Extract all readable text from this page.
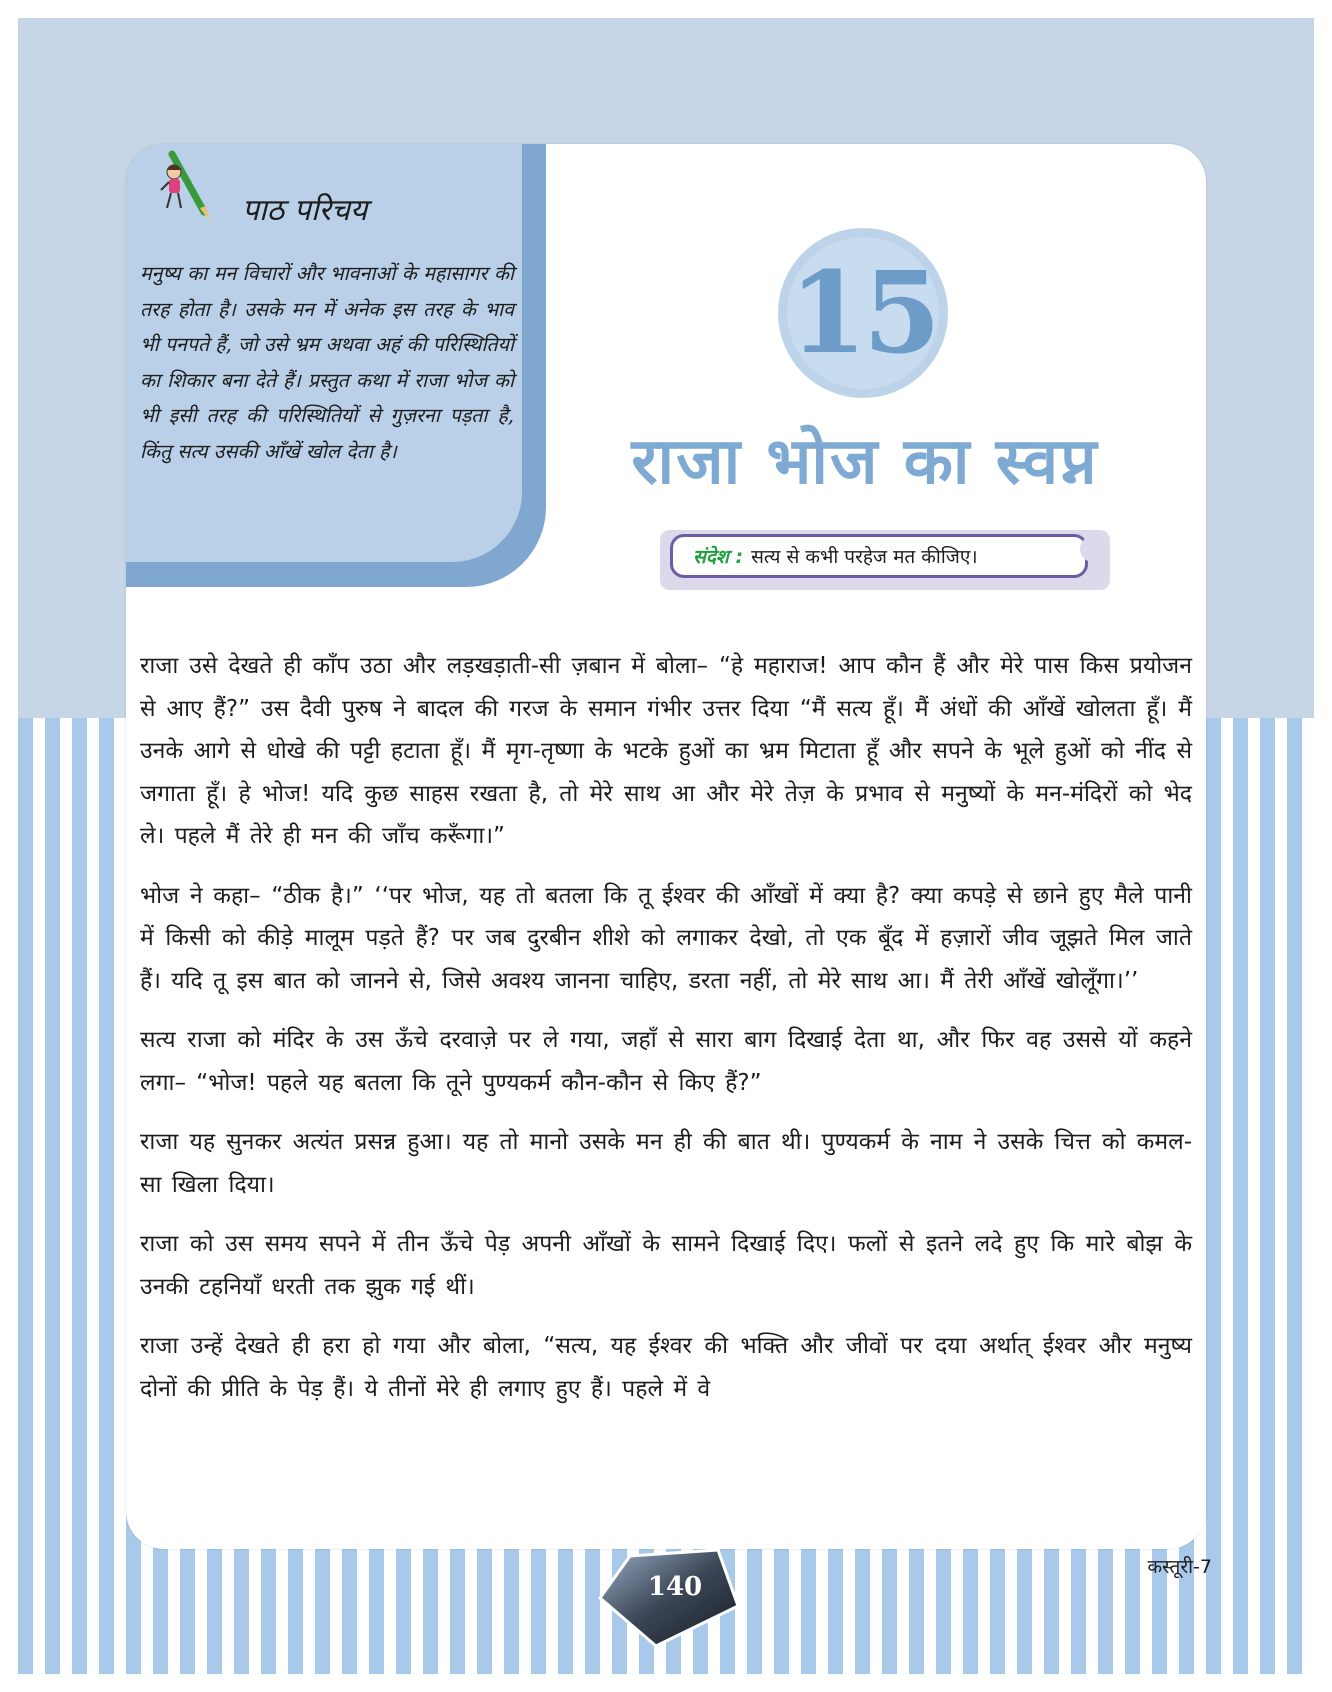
पाठ परिचय
मनुष्य का मन विचारों और भावनाओं के महासागर की तरह होता है। उसके मन में अनेक इस तरह के भाव भी पनपते हैं, जो उसे भ्रम अथवा अहं की परिस्थितियों का शिकार बना देते हैं। प्रस्तुत कथा में राजा भोज को भी इसी तरह की परिस्थितियों से गुज़रना पड़ता है, किंतु सत्य उसकी आँखें खोल देता है।
15
राजा भोज का स्वप्न
संदेश : सत्य से कभी परहेज मत कीजिए।

राजा उसे देखते ही काँप उठा और लड़खड़ाती-सी ज़बान में बोला– “हे महाराज! आप कौन हैं और मेरे पास किस प्रयोजन से आए हैं?” उस दैवी पुरुष ने बादल की गरज के समान गंभीर उत्तर दिया “मैं सत्य हूँ। मैं अंधों की आँखें खोलता हूँ। मैं उनके आगे से धोखे की पट्टी हटाता हूँ। मैं मृग-तृष्णा के भटके हुओं का भ्रम मिटाता हूँ और सपने के भूले हुओं को नींद से जगाता हूँ। हे भोज! यदि कुछ साहस रखता है, तो मेरे साथ आ और मेरे तेज़ के प्रभाव से मनुष्यों के मन-मंदिरों को भेद ले। पहले मैं तेरे ही मन की जाँच करूँगा।”

भोज ने कहा– “ठीक है।” ‘‘पर भोज, यह तो बतला कि तू ईश्वर की आँखों में क्या है? क्या कपड़े से छाने हुए मैले पानी में किसी को कीड़े मालूम पड़ते हैं? पर जब दुरबीन शीशे को लगाकर देखो, तो एक बूँद में हज़ारों जीव जूझते मिल जाते हैं। यदि तू इस बात को जानने से, जिसे अवश्य जानना चाहिए, डरता नहीं, तो मेरे साथ आ। मैं तेरी आँखें खोलूँगा।’’

सत्य राजा को मंदिर के उस ऊँचे दरवाज़े पर ले गया, जहाँ से सारा बाग दिखाई देता था, और फिर वह उससे यों कहने लगा– “भोज! पहले यह बतला कि तूने पुण्यकर्म कौन-कौन से किए हैं?”

राजा यह सुनकर अत्यंत प्रसन्न हुआ। यह तो मानो उसके मन ही की बात थी। पुण्यकर्म के नाम ने उसके चित्त को कमल-सा खिला दिया।

राजा को उस समय सपने में तीन ऊँचे पेड़ अपनी आँखों के सामने दिखाई दिए। फलों से इतने लदे हुए कि मारे बोझ के उनकी टहनियाँ धरती तक झुक गई थीं।

राजा उन्हें देखते ही हरा हो गया और बोला, “सत्य, यह ईश्वर की भक्ति और जीवों पर दया अर्थात् ईश्वर और मनुष्य दोनों की प्रीति के पेड़ हैं। ये तीनों मेरे ही लगाए हुए हैं। पहले में वे

140
कस्तूरी-7
